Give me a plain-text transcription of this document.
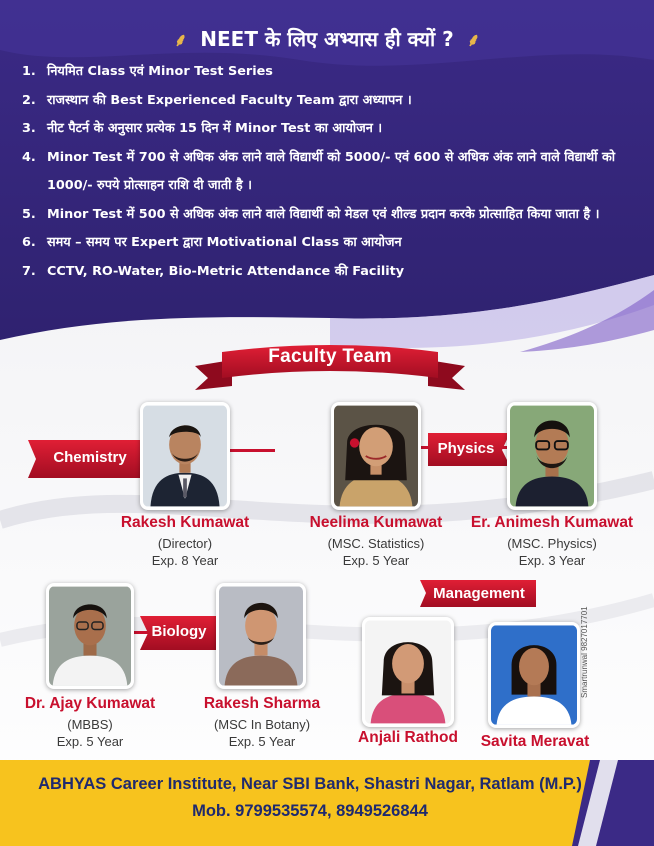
⸙ NEET के लिए अभ्यास ही क्यों ? ⸙
1. नियमित Class एवं Minor Test Series
2. राजस्थान की Best Experienced Faculty Team द्वारा अध्यापन ।
3. नीट पैटर्न के अनुसार प्रत्येक 15 दिन में Minor Test का आयोजन ।
4. Minor Test में 700 से अधिक अंक लाने वाले विद्यार्थी को 5000/- एवं 600 से अधिक अंक लाने वाले विद्यार्थी को 1000/- रुपये प्रोत्साहन राशि दी जाती है ।
5. Minor Test में 500 से अधिक अंक लाने वाले विद्यार्थी को मेडल एवं शील्ड प्रदान करके प्रोत्साहित किया जाता है ।
6. समय – समय पर Expert द्वारा Motivational Class का आयोजन
7. CCTV, RO-Water, Bio-Metric Attendance की Facility
Faculty Team
Chemistry
Physics
Biology
Management
Rakesh Kumawat
(Director)
Exp. 8 Year
Neelima Kumawat
(MSC. Statistics)
Exp. 5 Year
Er. Animesh Kumawat
(MSC. Physics)
Exp. 3 Year
Dr. Ajay Kumawat
(MBBS)
Exp. 5 Year
Rakesh Sharma
(MSC In Botany)
Exp. 5 Year	Anjali Rathod	Savita Meravat
Smartrunwal 9827017701
ABHYAS Career Institute, Near SBI Bank, Shastri Nagar, Ratlam (M.P.)
Mob. 9799535574, 8949526844
